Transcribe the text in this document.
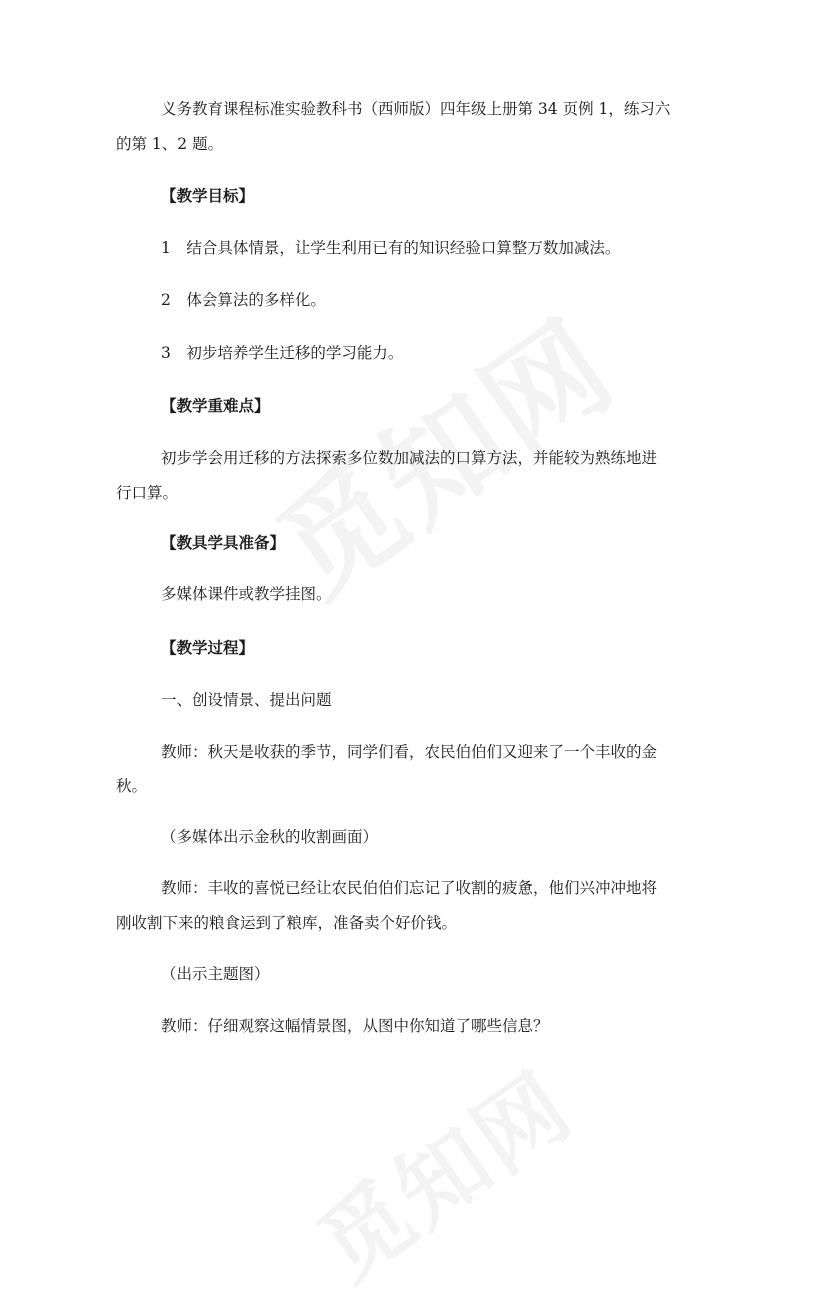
义务教育课程标准实验教科书（西师版）四年级上册第 34 页例 1，练习六
的第 1、2 题。
【教学目标】
1　结合具体情景，让学生利用已有的知识经验口算整万数加减法。
2　体会算法的多样化。
3　初步培养学生迁移的学习能力。
【教学重难点】
初步学会用迁移的方法探索多位数加减法的口算方法，并能较为熟练地进
行口算。
【教具学具准备】
多媒体课件或教学挂图。
【教学过程】
一、创设情景、提出问题
教师：秋天是收获的季节，同学们看，农民伯伯们又迎来了一个丰收的金
秋。
（多媒体出示金秋的收割画面）
教师：丰收的喜悦已经让农民伯伯们忘记了收割的疲惫，他们兴冲冲地将
刚收割下来的粮食运到了粮库，准备卖个好价钱。
（出示主题图）
教师：仔细观察这幅情景图，从图中你知道了哪些信息？
